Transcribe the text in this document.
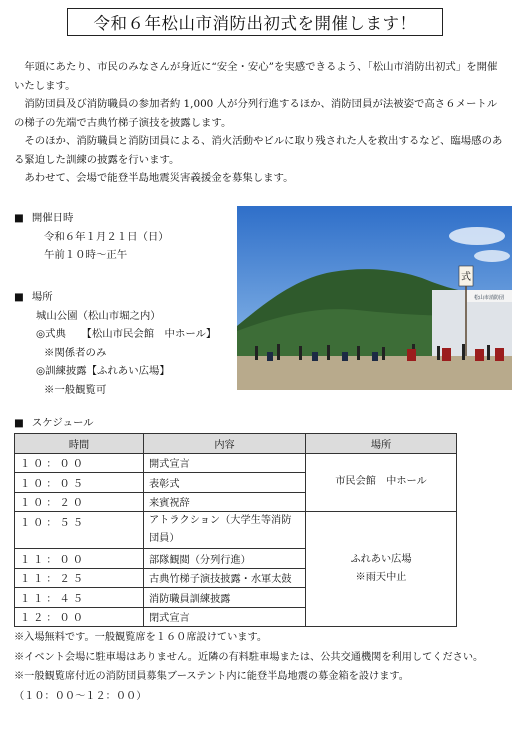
令和６年松山市消防出初式を開催します！

年頭にあたり、市民のみなさんが身近に“安全・安心”を実感できるよう、「松山市消防出初式」を開催いたします。

消防団員及び消防職員の参加者約 1,000 人が分列行進するほか、消防団員が法被姿で高さ６メートルの梯子の先端で古典竹梯子演技を披露します。

そのほか、消防職員と消防団員による、消火活動やビルに取り残された人を救出するなど、臨場感のある緊迫した訓練の披露を行います。

あわせて、会場で能登半島地震災害義援金を募集します。

■ 開催日時
令和６年１月２１日（日）
午前１０時～正午
■ 場所
城山公園（松山市堀之内）
◎式典　　【松山市民会館　中ホール】
※関係者のみ
◎訓練披露【ふれあい広場】
※一般観覧可
松山市消防団
式
■ スケジュール
時間	内容	場所
１０：００	開式宣言	市民会館　中ホール
１０：０５	表彰式	
１０：２０	来賓祝辞	
１０：５５	アトラクション（大学生等消防団員）	ふれあい広場
※雨天中止

１１：００	部隊観閲（分列行進）	
１１：２５	古典竹梯子演技披露・水軍太鼓	
１１：４５	消防職員訓練披露	
１２：００	閉式宣言	

※入場無料です。一般観覧席を１６０席設けています。

※イベント会場に駐車場はありません。近隣の有料駐車場または、公共交通機関を利用してください。

※一般観覧席付近の消防団員募集ブーステント内に能登半島地震の募金箱を設けます。

（１０：００～１２：００）
